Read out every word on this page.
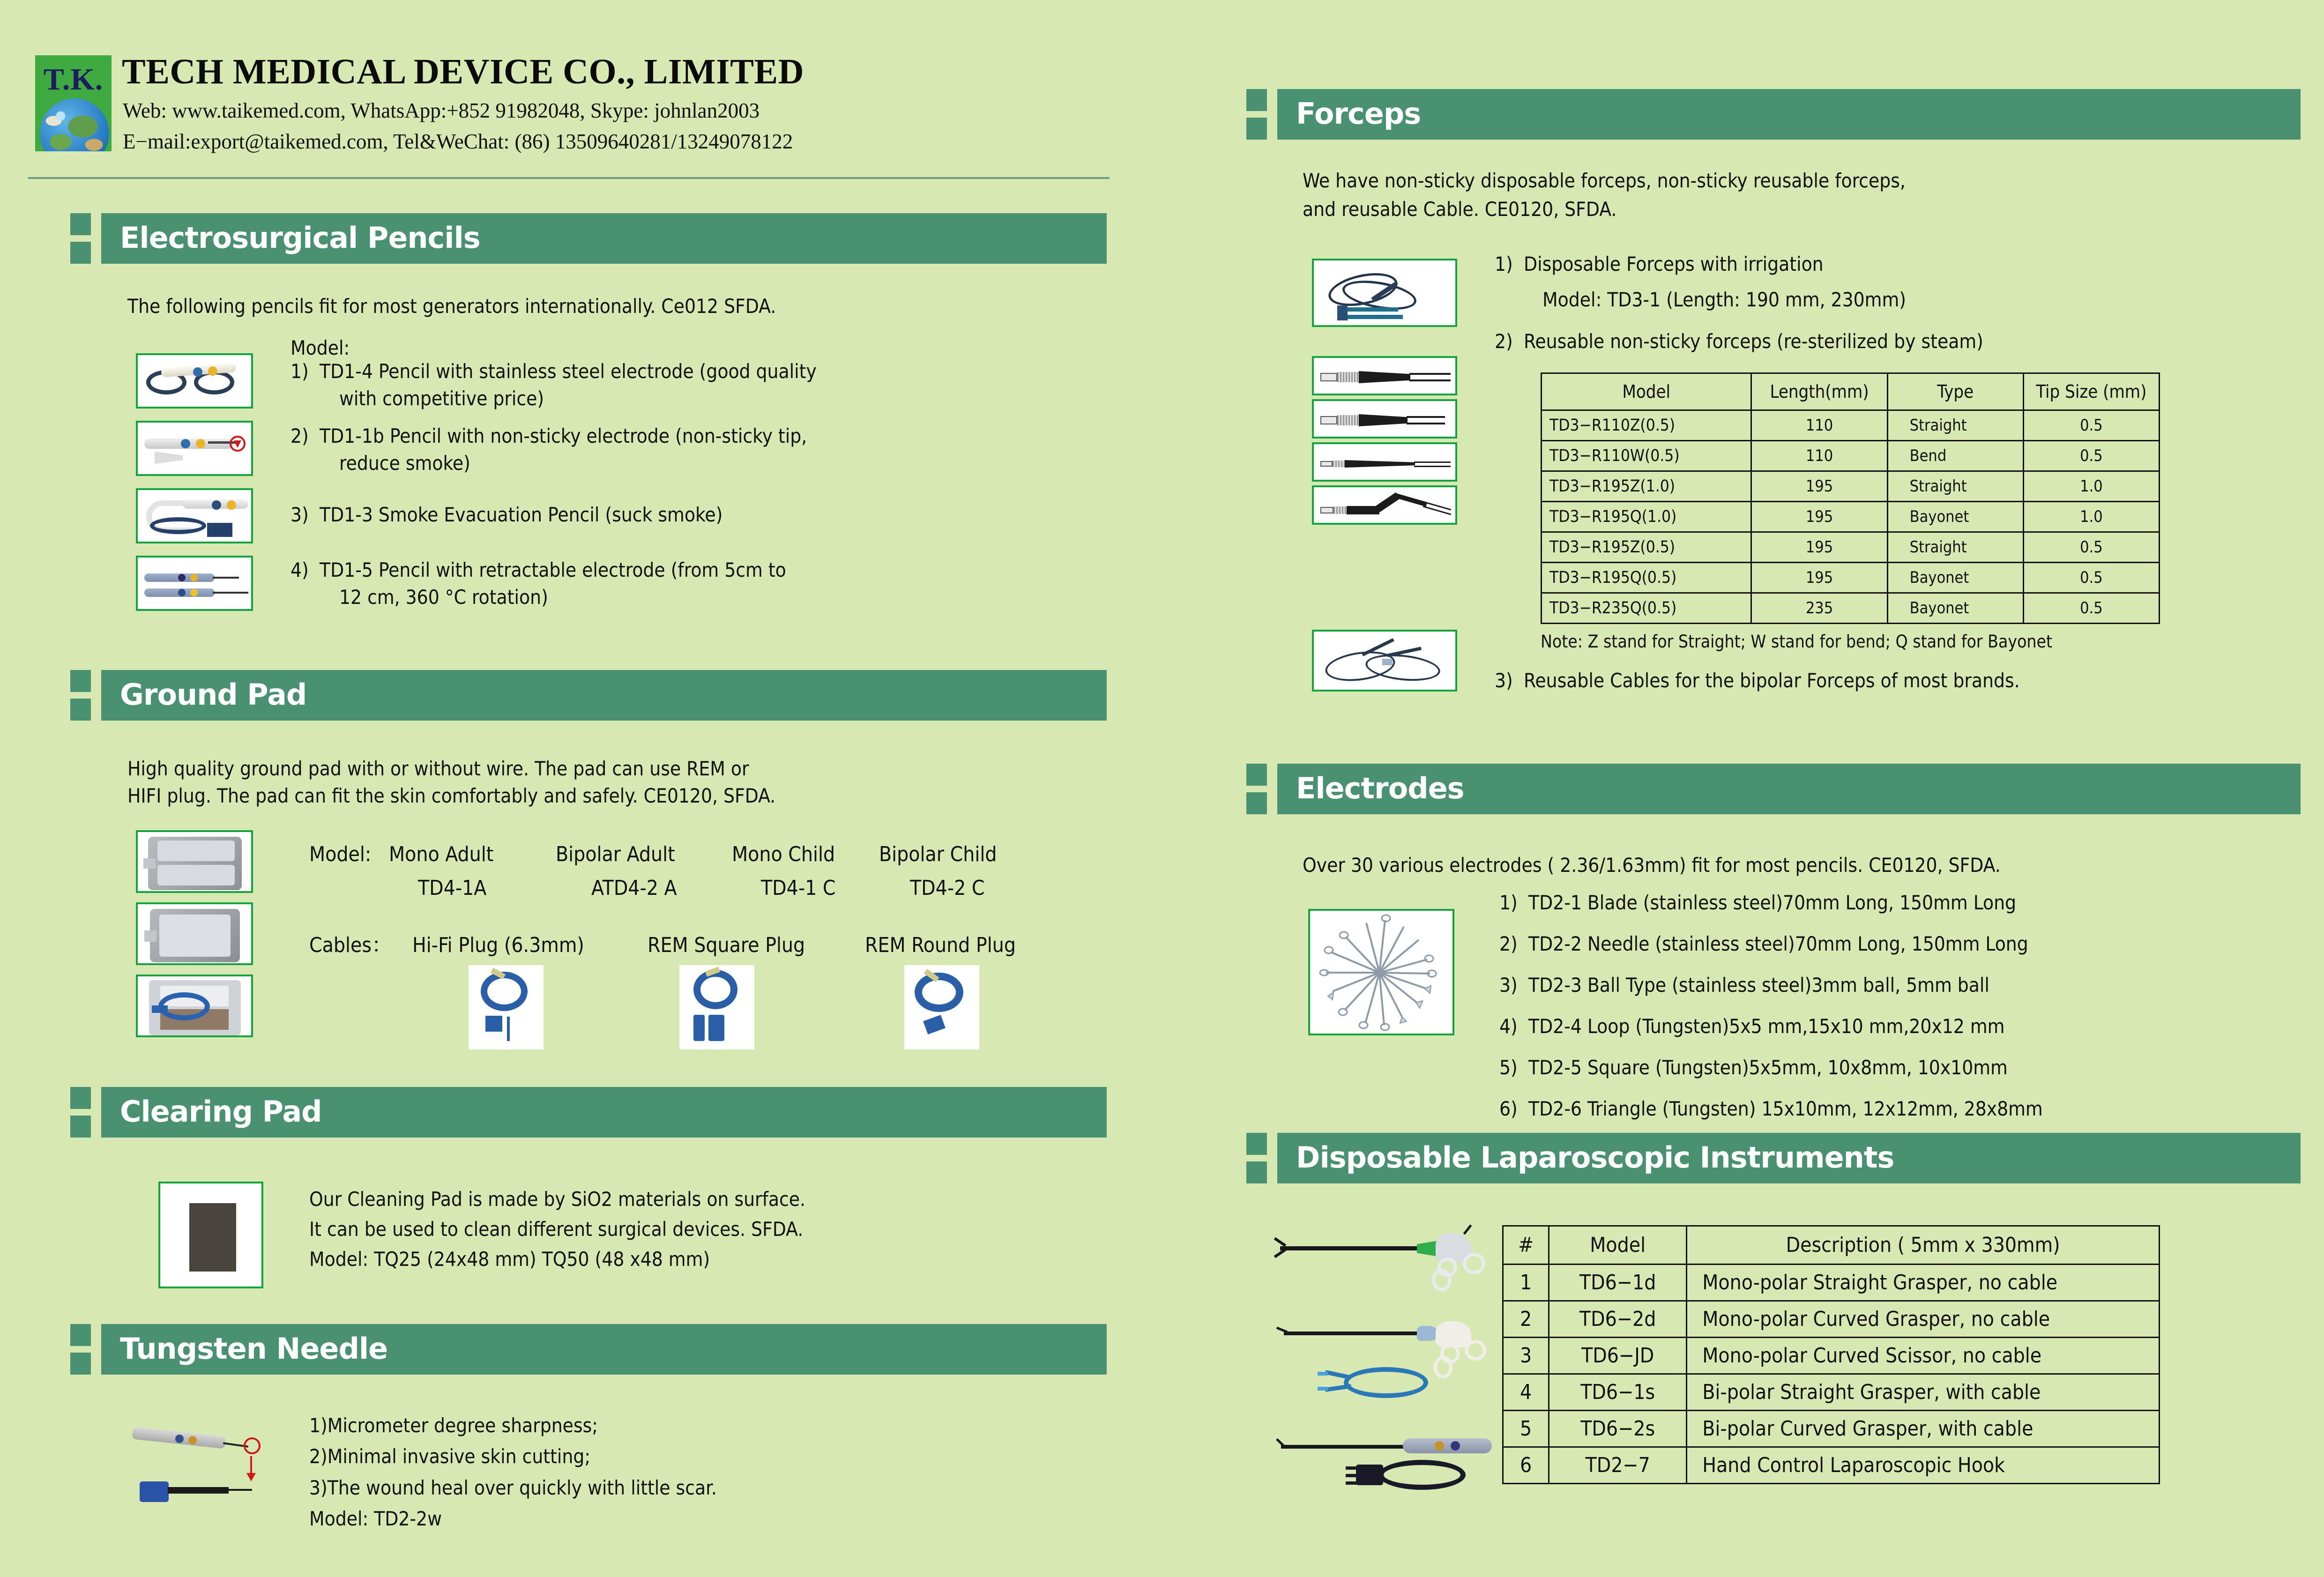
T.K. TECH MEDICAL DEVICE CO., LIMITED
Web: www.taikemed.com, WhatsApp:+852 91982048, Skype: johnlan2003
E−mail:export@taikemed.com, Tel&WeChat: (86) 13509640281/13249078122
Electrosurgical Pencils
The following pencils fit for most generators internationally. Ce012 SFDA.
Model:
1) TD1-4 Pencil with stainless steel electrode (good quality
with competitive price)
2) TD1-1b Pencil with non-sticky electrode (non-sticky tip,
reduce smoke)
3) TD1-3 Smoke Evacuation Pencil (suck smoke)
4) TD1-5 Pencil with retractable electrode (from 5cm to
12 cm, 360 °C rotation)
Ground Pad
High quality ground pad with or without wire. The pad can use REM or
HIFI plug. The pad can fit the skin comfortably and safely. CE0120, SFDA.
Model: Mono Adult	Bipolar Adult	Mono Child Bipolar Child
TD4-1A	ATD4-2 A	TD4-1 C	TD4-2 C
Cables： Hi-Fi Plug (6.3mm)	REM Square Plug	REM Round Plug
Clearing Pad
Our Cleaning Pad is made by SiO2 materials on surface.
It can be used to clean different surgical devices. SFDA.
Model: TQ25 (24x48 mm) TQ50 (48 x48 mm)
Tungsten Needle
1)Micrometer degree sharpness;
2)Minimal invasive skin cutting;
3)The wound heal over quickly with little scar.
Model: TD2-2w
Forceps
We have non-sticky disposable forceps, non-sticky reusable forceps,
and reusable Cable. CE0120, SFDA.
1) Disposable Forceps with irrigation
Model: TD3-1 (Length: 190 mm, 230mm)
2) Reusable non-sticky forceps (re-sterilized by steam)
Model	Length(mm)	Type	Tip Size (mm)
TD3−R110Z(0.5)	110	Straight	0.5
TD3−R110W(0.5)	110	Bend	0.5
TD3−R195Z(1.0)	195	Straight	1.0
TD3−R195Q(1.0)	195	Bayonet	1.0
TD3−R195Z(0.5)	195	Straight	0.5
TD3−R195Q(0.5)	195	Bayonet	0.5
TD3−R235Q(0.5)	235	Bayonet	0.5
Note: Z stand for Straight; W stand for bend; Q stand for Bayonet
3) Reusable Cables for the bipolar Forceps of most brands.
Electrodes
Over 30 various electrodes ( 2.36/1.63mm) fit for most pencils. CE0120, SFDA.
1) TD2-1 Blade (stainless steel)70mm Long, 150mm Long
2) TD2-2 Needle (stainless steel)70mm Long, 150mm Long
3) TD2-3 Ball Type (stainless steel)3mm ball, 5mm ball
4) TD2-4 Loop (Tungsten)5x5 mm,15x10 mm,20x12 mm
5) TD2-5 Square (Tungsten)5x5mm, 10x8mm, 10x10mm
6) TD2-6 Triangle (Tungsten) 15x10mm, 12x12mm, 28x8mm
Disposable Laparoscopic Instruments
#	Model	Description ( 5mm x 330mm)
1	TD6−1d	Mono-polar Straight Grasper, no cable
2	TD6−2d	Mono-polar Curved Grasper, no cable
3	TD6−JD	Mono-polar Curved Scissor, no cable
4	TD6−1s	Bi-polar Straight Grasper, with cable
5	TD6−2s	Bi-polar Curved Grasper, with cable
6	TD2−7	Hand Control Laparoscopic Hook
